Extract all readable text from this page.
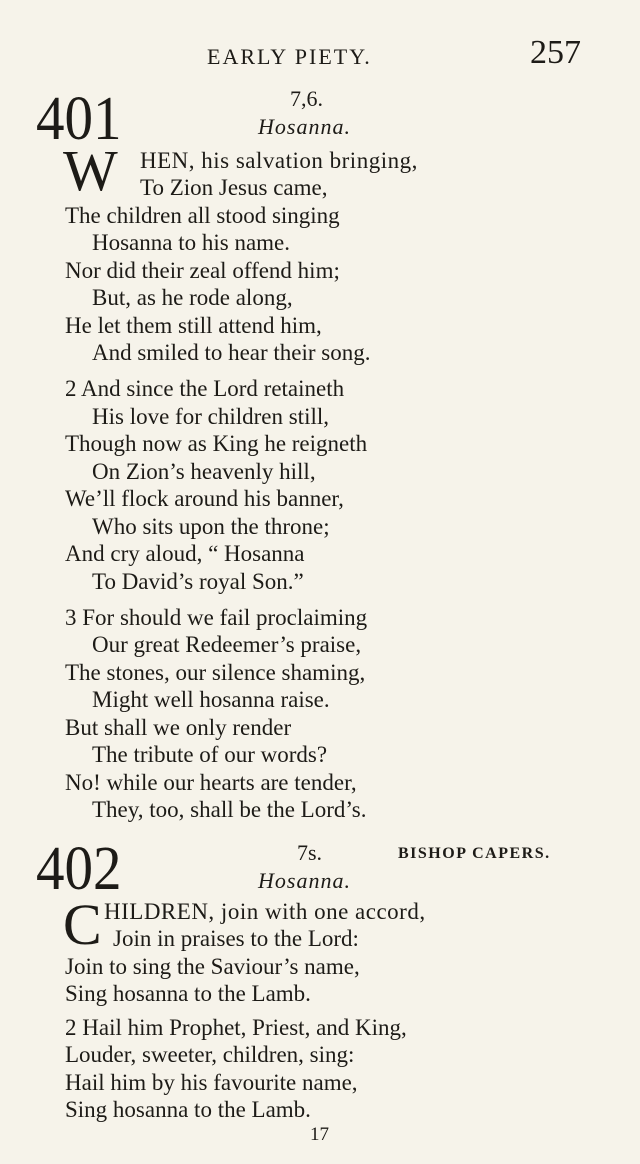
EARLY PIETY.	257
401	7,6.
Hosanna.
W HEN, his salvation bringing,
To Zion Jesus came,
The children all stood singing
Hosanna to his name.
Nor did their zeal offend him;
But, as he rode along,
He let them still attend him,
And smiled to hear their song.
2 And since the Lord retaineth
His love for children still,
Though now as King he reigneth
On Zion’s heavenly hill,
We’ll flock around his banner,
Who sits upon the throne;
And cry aloud, “ Hosanna
To David’s royal Son.”
3 For should we fail proclaiming
Our great Redeemer’s praise,
The stones, our silence shaming,
Might well hosanna raise.
But shall we only render
The tribute of our words?
No! while our hearts are tender,
They, too, shall be the Lord’s.
402	7s.	BISHOP CAPERS.
Hosanna.
C HILDREN, join with one accord,
Join in praises to the Lord:
Join to sing the Saviour’s name,
Sing hosanna to the Lamb.
2 Hail him Prophet, Priest, and King,
Louder, sweeter, children, sing:
Hail him by his favourite name,
Sing hosanna to the Lamb.
17
